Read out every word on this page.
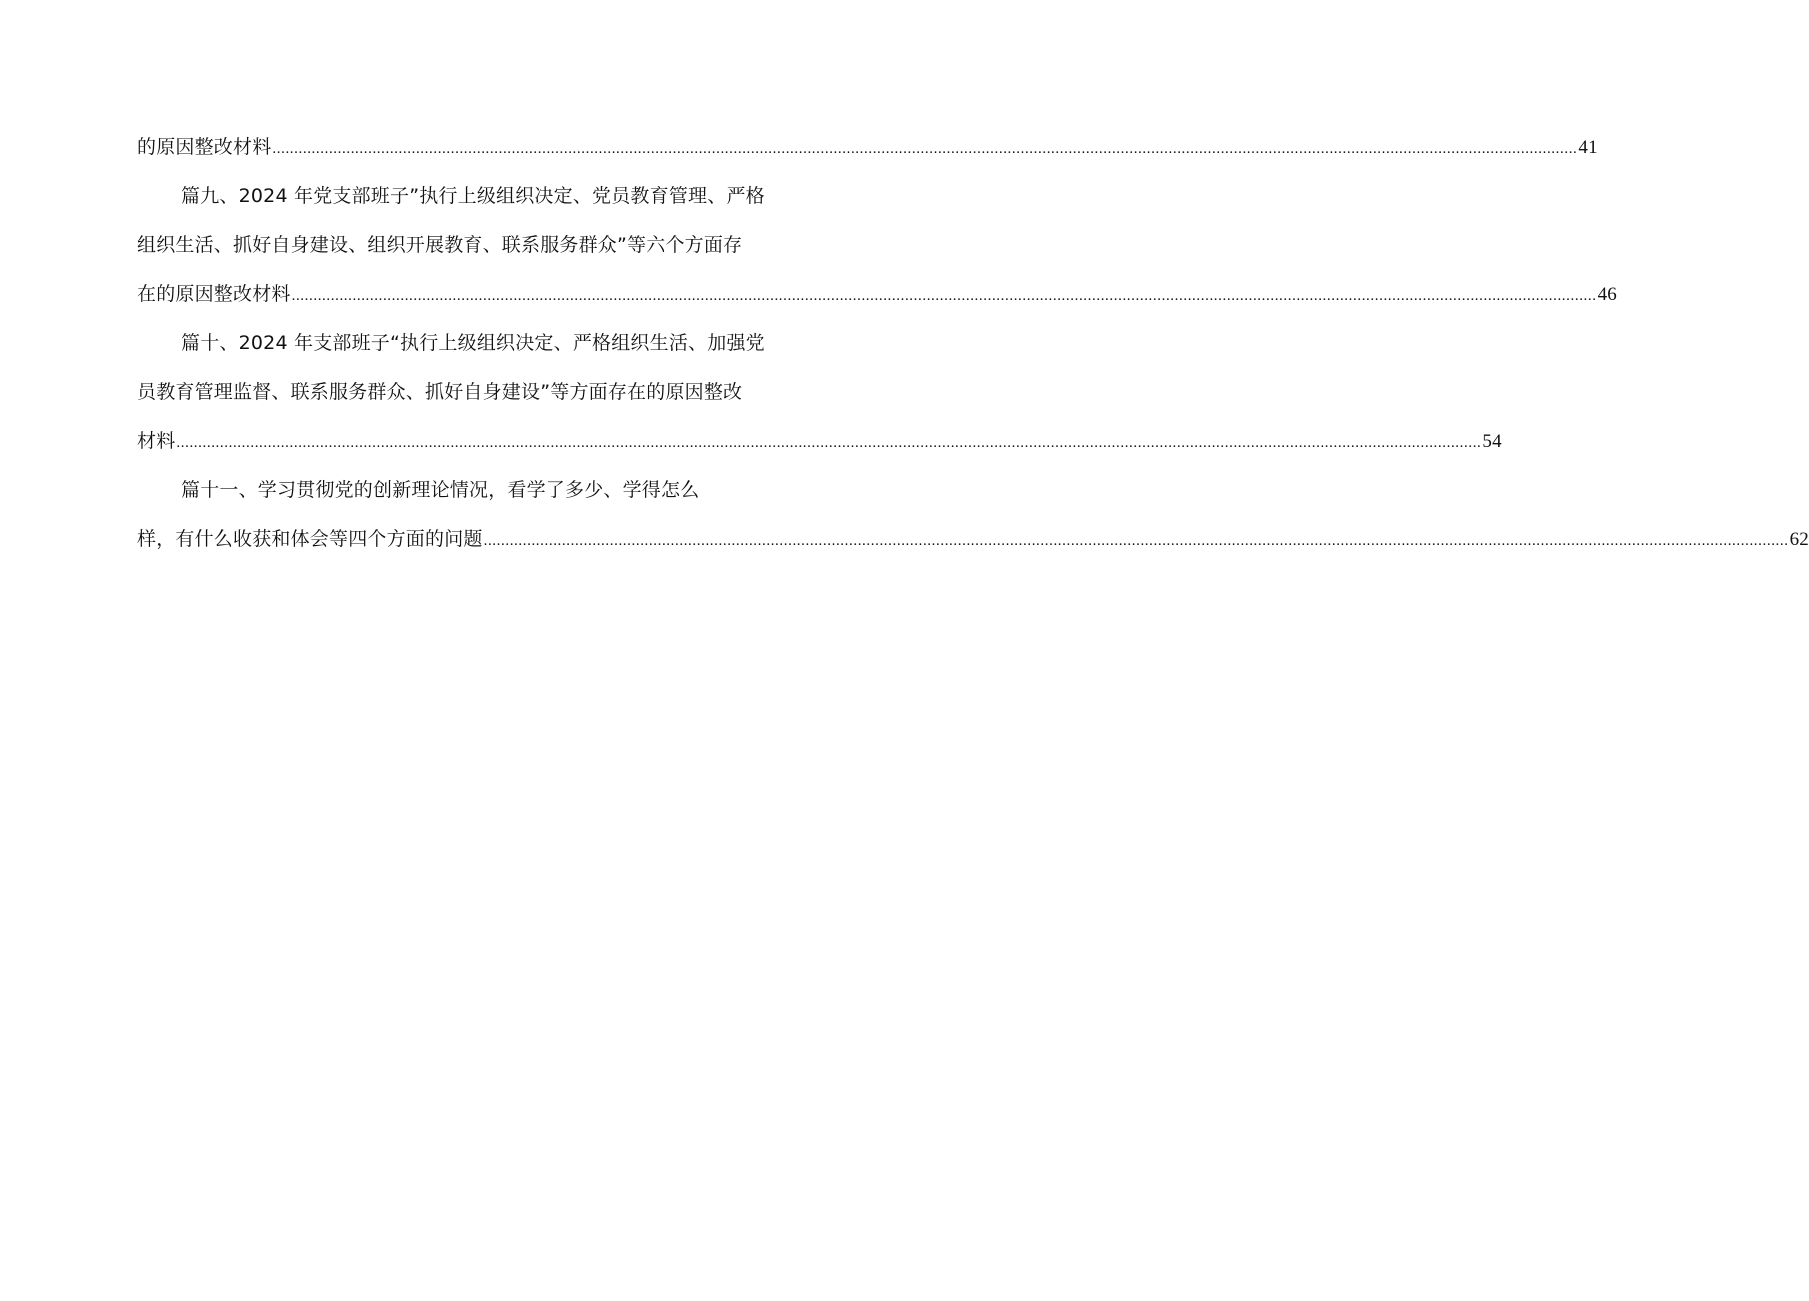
的原因整改材料 ............................................................................................................................................................................................................................................................................................................ 41
篇九、2024 年党支部班子”执行上级组织决定、党员教育管理、严格
组织生活、抓好自身建设、组织开展教育、联系服务群众”等六个方面存
在的原因整改材料 ............................................................................................................................................................................................................................................................................................................ 46
篇十、2024 年支部班子“执行上级组织决定、严格组织生活、加强党
员教育管理监督、联系服务群众、抓好自身建设”等方面存在的原因整改
材料 ............................................................................................................................................................................................................................................................................................................ 54
篇十一、学习贯彻党的创新理论情况，看学了多少、学得怎么
样，有什么收获和体会等四个方面的问题 ............................................................................................................................................................................................................................................................................................................ 62
